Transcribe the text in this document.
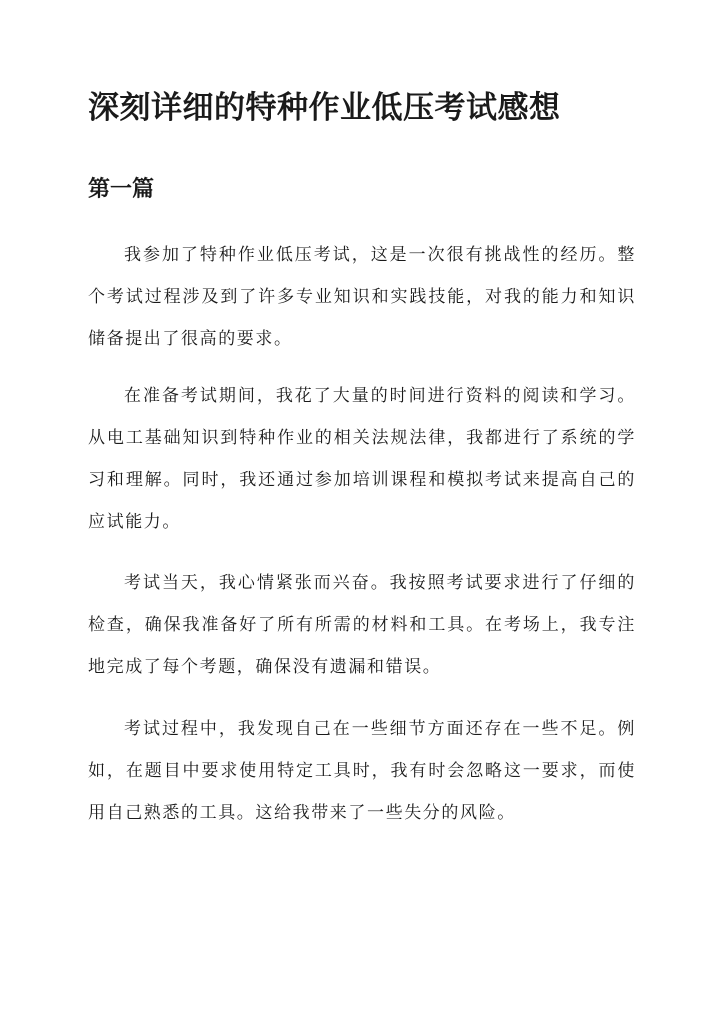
深刻详细的特种作业低压考试感想
第一篇

我参加了特种作业低压考试，这是一次很有挑战性的经历。整个考试过程涉及到了许多专业知识和实践技能，对我的能力和知识储备提出了很高的要求。

在准备考试期间，我花了大量的时间进行资料的阅读和学习。从电工基础知识到特种作业的相关法规法律，我都进行了系统的学习和理解。同时，我还通过参加培训课程和模拟考试来提高自己的应试能力。

考试当天，我心情紧张而兴奋。我按照考试要求进行了仔细的检查，确保我准备好了所有所需的材料和工具。在考场上，我专注地完成了每个考题，确保没有遗漏和错误。

考试过程中，我发现自己在一些细节方面还存在一些不足。例如，在题目中要求使用特定工具时，我有时会忽略这一要求，而使用自己熟悉的工具。这给我带来了一些失分的风险。
